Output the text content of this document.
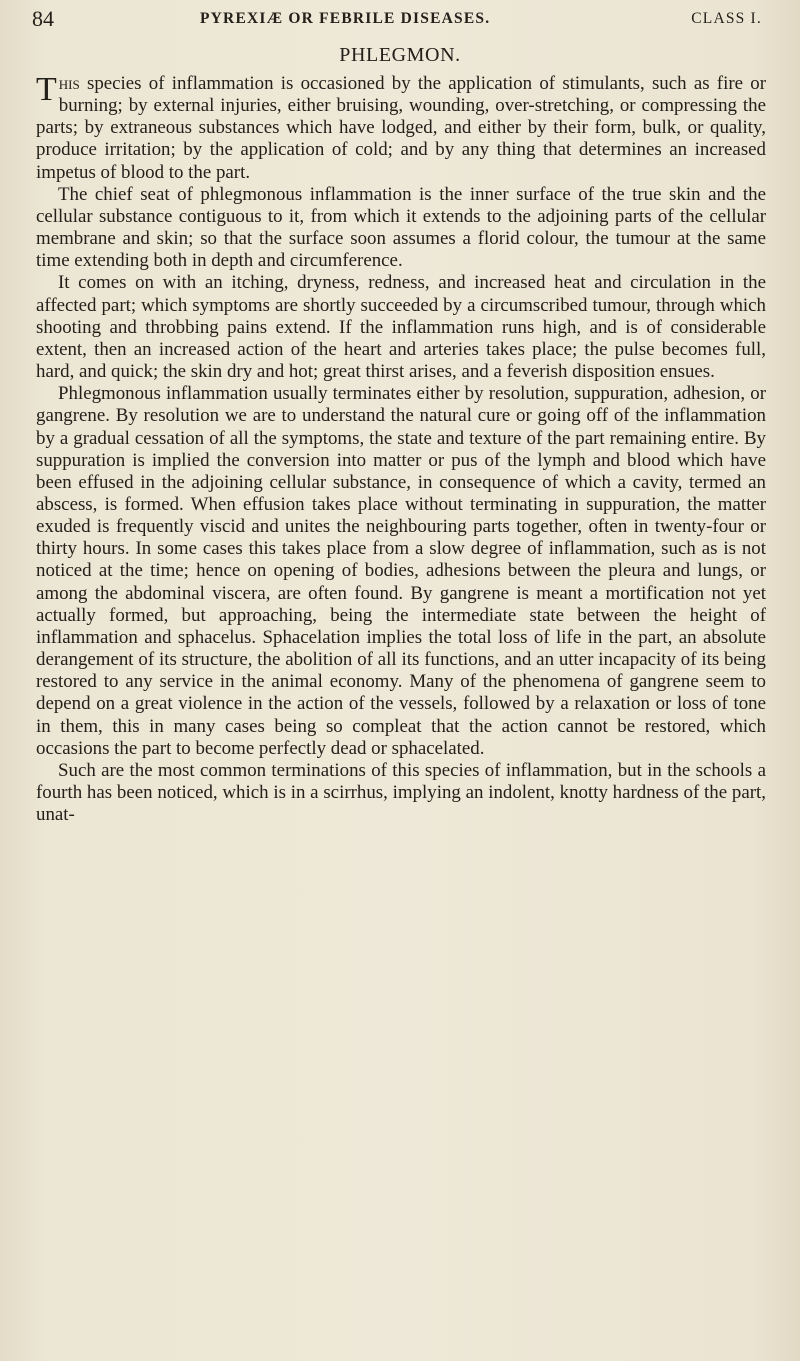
84	PYREXIÆ OR FEBRILE DISEASES.	CLASS I.
PHLEGMON.

This species of inflammation is occasioned by the application of stimulants, such as fire or burning; by external injuries, either bruising, wounding, over-stretching, or compressing the parts; by extraneous substances which have lodged, and either by their form, bulk, or quality, produce irritation; by the application of cold; and by any thing that determines an increased impetus of blood to the part.

The chief seat of phlegmonous inflammation is the inner surface of the true skin and the cellular substance contiguous to it, from which it extends to the adjoining parts of the cellular membrane and skin; so that the surface soon assumes a florid colour, the tumour at the same time extending both in depth and circumference.

It comes on with an itching, dryness, redness, and increased heat and circulation in the affected part; which symptoms are shortly succeeded by a circumscribed tumour, through which shooting and throbbing pains extend. If the inflammation runs high, and is of considerable extent, then an increased action of the heart and arteries takes place; the pulse becomes full, hard, and quick; the skin dry and hot; great thirst arises, and a feverish disposition ensues.

Phlegmonous inflammation usually terminates either by resolution, suppuration, adhesion, or gangrene. By resolution we are to understand the natural cure or going off of the inflammation by a gradual cessation of all the symptoms, the state and texture of the part remaining entire. By suppuration is implied the conversion into matter or pus of the lymph and blood which have been effused in the adjoining cellular substance, in consequence of which a cavity, termed an abscess, is formed. When effusion takes place without terminating in suppuration, the matter exuded is frequently viscid and unites the neighbouring parts together, often in twenty-four or thirty hours. In some cases this takes place from a slow degree of inflammation, such as is not noticed at the time; hence on opening of bodies, adhesions between the pleura and lungs, or among the abdominal viscera, are often found. By gangrene is meant a mortification not yet actually formed, but approaching, being the intermediate state between the height of inflammation and sphacelus. Sphacelation implies the total loss of life in the part, an absolute derangement of its structure, the abolition of all its functions, and an utter incapacity of its being restored to any service in the animal economy. Many of the phenomena of gangrene seem to depend on a great violence in the action of the vessels, followed by a relaxation or loss of tone in them, this in many cases being so compleat that the action cannot be restored, which occasions the part to become perfectly dead or sphacelated.

Such are the most common terminations of this species of inflammation, but in the schools a fourth has been noticed, which is in a scirrhus, implying an indolent, knotty hardness of the part, unat-
